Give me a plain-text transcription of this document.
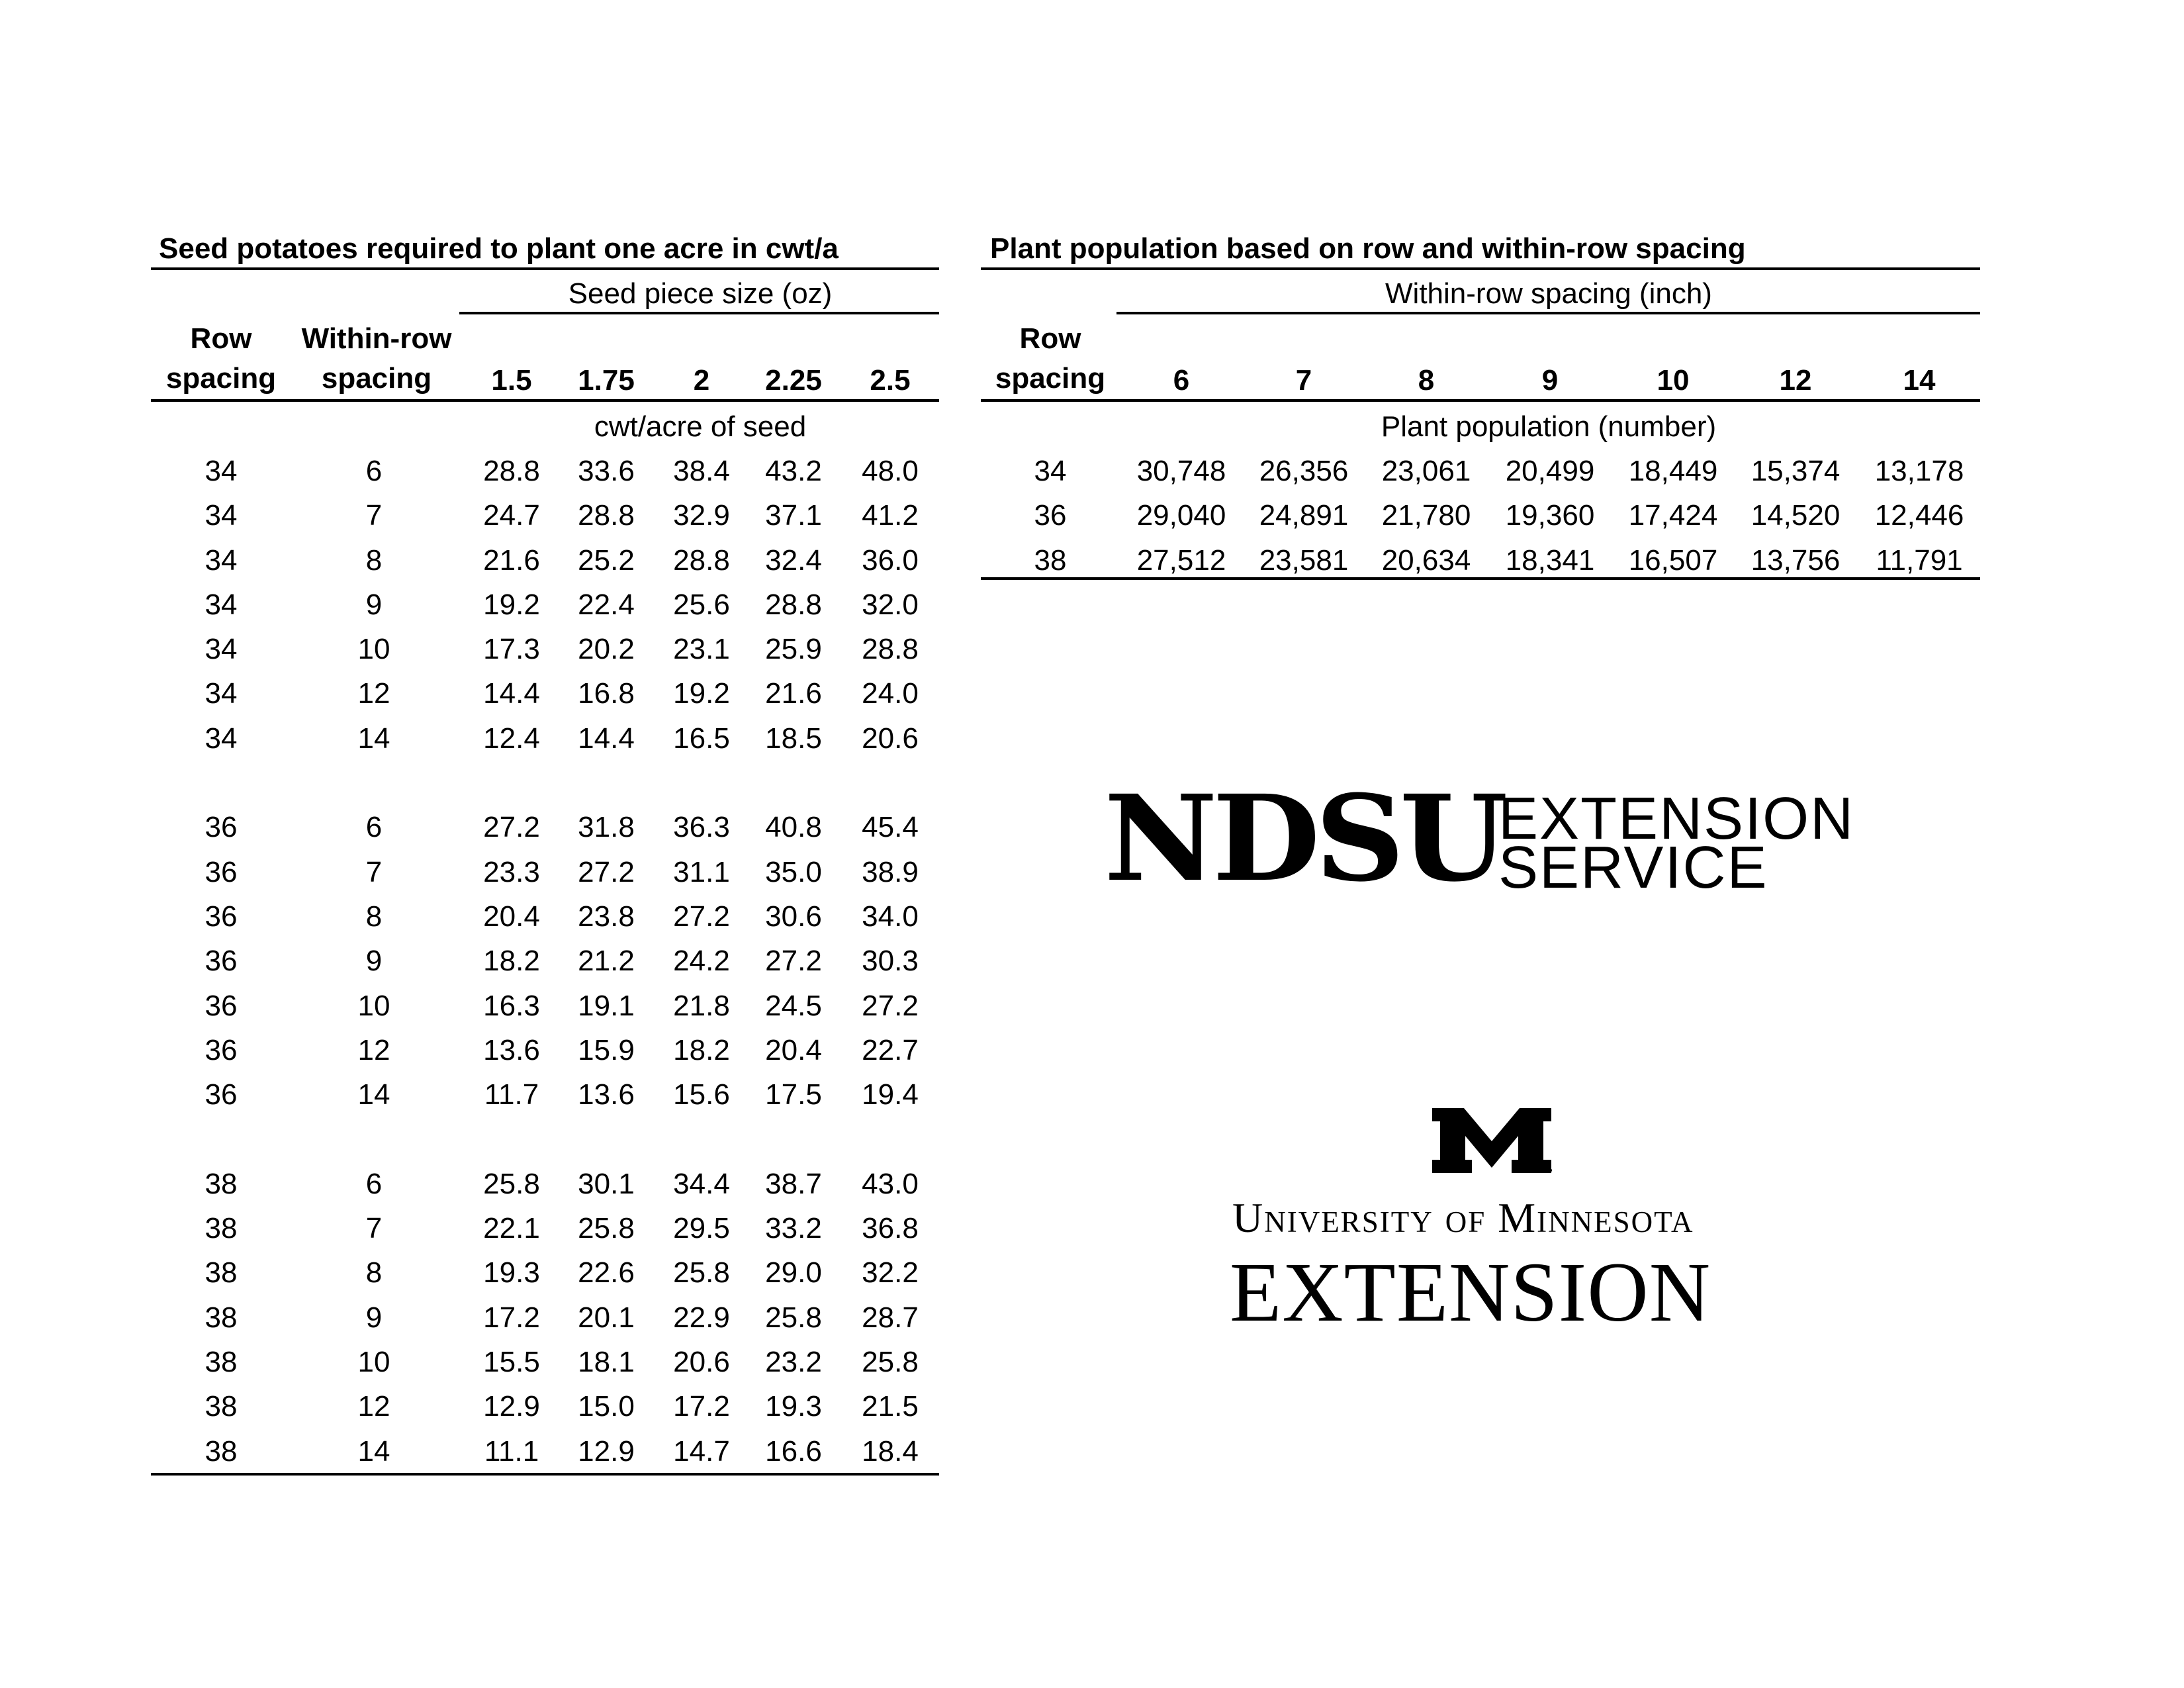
Seed potatoes required to plant one acre in cwt/a
Seed piece size (oz)
Row
spacing
Within-row
spacing 1.5 1.75 2 2.25 2.5
cwt/acre of seed
34	6	28.8 33.6 38.4 43.2 48.0
34	7	24.7 28.8 32.9 37.1 41.2
34	8	21.6 25.2 28.8 32.4 36.0
34	9	19.2 22.4 25.6 28.8 32.0
34	10	17.3 20.2 23.1 25.9 28.8
34	12	14.4 16.8 19.2 21.6 24.0
34	14	12.4 14.4 16.5 18.5 20.6
36	6	27.2 31.8 36.3 40.8 45.4
36	7	23.3 27.2 31.1 35.0 38.9
36	8	20.4 23.8 27.2 30.6 34.0
36	9	18.2 21.2 24.2 27.2 30.3
36	10	16.3 19.1 21.8 24.5 27.2
36	12	13.6 15.9 18.2 20.4 22.7
36	14	11.7 13.6 15.6 17.5 19.4
38	6	25.8 30.1 34.4 38.7 43.0
38	7	22.1 25.8 29.5 33.2 36.8
38	8	19.3 22.6 25.8 29.0 32.2
38	9	17.2 20.1 22.9 25.8 28.7
38	10	15.5 18.1 20.6 23.2 25.8
38	12	12.9 15.0 17.2 19.3 21.5
38	14	11.1 12.9 14.7 16.6 18.4
Plant population based on row and within-row spacing
Within-row spacing (inch)
Row
spacing 6	7	8	9	10	12	14
Plant population (number)
34 30,748 26,356 23,061 20,499 18,449 15,374 13,178
36 29,040 24,891 21,780 19,360 17,424 14,520 12,446
38 27,512 23,581 20,634 18,341 16,507 13,756 11,791
NDSU
EXTENSION
SERVICE
University of Minnesota
EXTENSION
